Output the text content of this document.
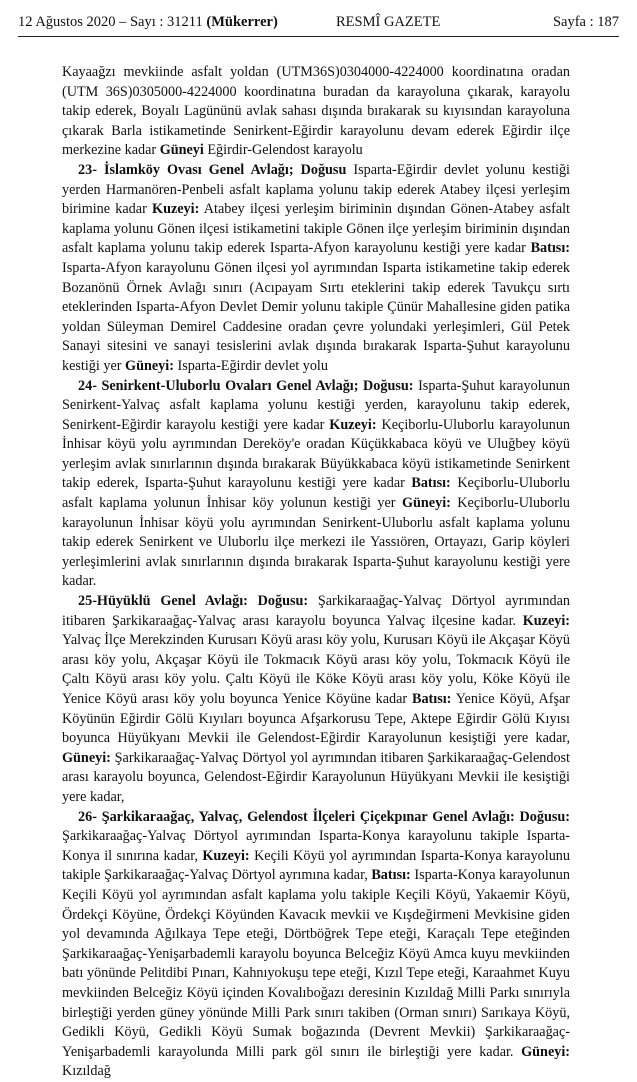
12 Ağustos 2020 – Sayı : 31211 (Mükerrer)	RESMÎ GAZETE	Sayfa : 187

Kayaağzı mevkiinde asfalt yoldan (UTM36S)0304000-4224000 koordinatına oradan (UTM 36S)0305000-4224000 koordinatına buradan da karayoluna çıkarak, karayolu takip ederek, Boyalı Lagününü avlak sahası dışında bırakarak su kıyısından karayoluna çıkarak Barla istikametinde Senirkent-Eğirdir karayolunu devam ederek Eğirdir ilçe merkezine kadar Güneyi Eğirdir-Gelendost karayolu

23- İslamköy Ovası Genel Avlağı; Doğusu Isparta-Eğirdir devlet yolunu kestiği yerden Harmanören-Penbeli asfalt kaplama yolunu takip ederek Atabey ilçesi yerleşim birimine kadar Kuzeyi: Atabey ilçesi yerleşim biriminin dışından Gönen-Atabey asfalt kaplama yolunu Gönen ilçesi istikametini takiple Gönen ilçe yerleşim biriminin dışından asfalt kaplama yolunu takip ederek Isparta-Afyon karayolunu kestiği yere kadar Batısı: Isparta-Afyon karayolunu Gönen ilçesi yol ayrımından Isparta istikametine takip ederek Bozanönü Örnek Avlağı sınırı (Acıpayam Sırtı eteklerini takip ederek Tavukçu sırtı eteklerinden Isparta-Afyon Devlet Demir yolunu takiple Çünür Mahallesine giden patika yoldan Süleyman Demirel Caddesine oradan çevre yolundaki yerleşimleri, Gül Petek Sanayi sitesini ve sanayi tesislerini avlak dışında bırakarak Isparta-Şuhut karayolunu kestiği yer Güneyi: Isparta-Eğirdir devlet yolu

24- Senirkent-Uluborlu Ovaları Genel Avlağı; Doğusu: Isparta-Şuhut karayolunun Senirkent-Yalvaç asfalt kaplama yolunu kestiği yerden, karayolunu takip ederek, Senirkent-Eğirdir karayolu kestiği yere kadar Kuzeyi: Keçiborlu-Uluborlu karayolunun İnhisar köyü yolu ayrımından Dereköy'e oradan Küçükkabaca köyü ve Uluğbey köyü yerleşim avlak sınırlarının dışında bırakarak Büyükkabaca köyü istikametinde Senirkent takip ederek, Isparta-Şuhut karayolunu kestiği yere kadar Batısı: Keçiborlu-Uluborlu asfalt kaplama yolunun İnhisar köy yolunun kestiği yer Güneyi: Keçiborlu-Uluborlu karayolunun İnhisar köyü yolu ayrımından Senirkent-Uluborlu asfalt kaplama yolunu takip ederek Senirkent ve Uluborlu ilçe merkezi ile Yassıören, Ortayazı, Garip köyleri yerleşimlerini avlak sınırlarının dışında bırakarak Isparta-Şuhut karayolunu kestiği yere kadar.

25-Hüyüklü Genel Avlağı: Doğusu: Şarkikaraağaç-Yalvaç Dörtyol ayrımından itibaren Şarkikaraağaç-Yalvaç arası karayolu boyunca Yalvaç ilçesine kadar. Kuzeyi: Yalvaç İlçe Merekzinden Kurusarı Köyü arası köy yolu, Kurusarı Köyü ile Akçaşar Köyü arası köy yolu, Akçaşar Köyü ile Tokmacık Köyü arası köy yolu, Tokmacık Köyü ile Çaltı Köyü arası köy yolu. Çaltı Köyü ile Köke Köyü arası köy yolu, Köke Köyü ile Yenice Köyü arası köy yolu boyunca Yenice Köyüne kadar Batısı: Yenice Köyü, Afşar Köyünün Eğirdir Gölü Kıyıları boyunca Afşarkorusu Tepe, Aktepe Eğirdir Gölü Kıyısı boyunca Hüyükyanı Mevkii ile Gelendost-Eğirdir Karayolunun kesiştiği yere kadar, Güneyi: Şarkikaraağaç-Yalvaç Dörtyol yol ayrımından itibaren Şarkikaraağaç-Gelendost arası karayolu boyunca, Gelendost-Eğirdir Karayolunun Hüyükyanı Mevkii ile kesiştiği yere kadar,

26- Şarkikaraağaç, Yalvaç, Gelendost İlçeleri Çiçekpınar Genel Avlağı: Doğusu: Şarkikaraağaç-Yalvaç Dörtyol ayrımından Isparta-Konya karayolunu takiple Isparta-Konya il sınırına kadar, Kuzeyi: Keçili Köyü yol ayrımından Isparta-Konya karayolunu takiple Şarkikaraağaç-Yalvaç Dörtyol ayrımına kadar, Batısı: Isparta-Konya karayolunun Keçili Köyü yol ayrımından asfalt kaplama yolu takiple Keçili Köyü, Yakaemir Köyü, Ördekçi Köyüne, Ördekçi Köyünden Kavacık mevkii ve Kışdeğirmeni Mevkisine giden yol devamında Ağılkaya Tepe eteği, Dörtböğrek Tepe eteği, Karaçalı Tepe eteğinden Şarkikaraağaç-Yenişarbademli karayolu boyunca Belceğiz Köyü Amca kuyu mevkiinden batı yönünde Pelitdibi Pınarı, Kahnıyokuşu tepe eteği, Kızıl Tepe eteği, Karaahmet Kuyu mevkiinden Belceğiz Köyü içinden Kovalıboğazı deresinin Kızıldağ Milli Parkı sınırıyla birleştiği yerden güney yönünde Milli Park sınırı takiben (Orman sınırı) Sarıkaya Köyü, Gedikli Köyü, Gedikli Köyü Sumak boğazında (Devrent Mevkii) Şarkikaraağaç-Yenişarbademli karayolunda Milli park göl sınırı ile birleştiği yere kadar. Güneyi: Kızıldağ
